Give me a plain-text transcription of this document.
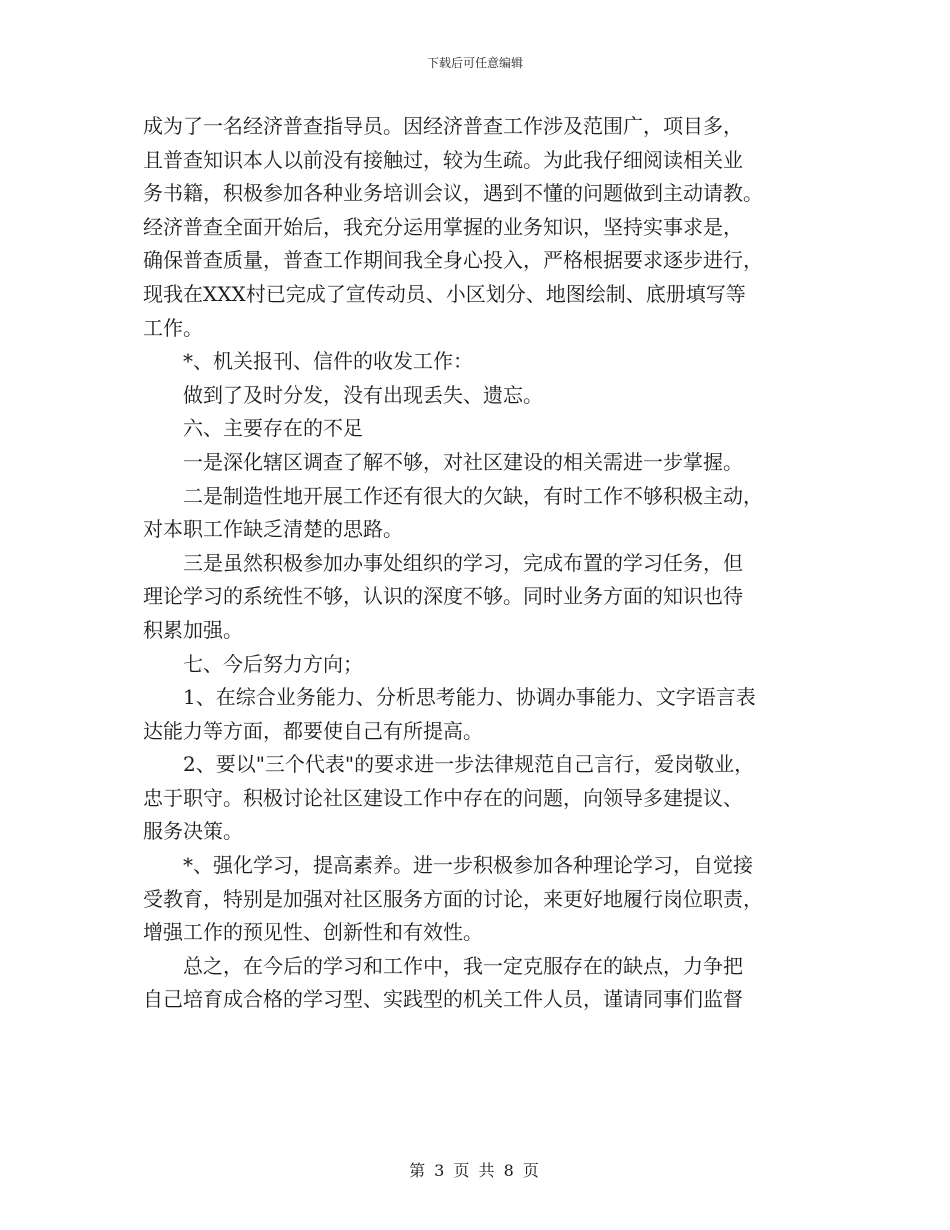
下载后可任意编辑
成为了一名经济普查指导员。因经济普查工作涉及范围广，项目多，
且普查知识本人以前没有接触过，较为生疏。为此我仔细阅读相关业
务书籍，积极参加各种业务培训会议，遇到不懂的问题做到主动请教。
经济普查全面开始后，我充分运用掌握的业务知识，坚持实事求是，
确保普查质量，普查工作期间我全身心投入，严格根据要求逐步进行，
现我在XXX村已完成了宣传动员、小区划分、地图绘制、底册填写等
工作。
*、机关报刊、信件的收发工作：
做到了及时分发，没有出现丢失、遗忘。
六、主要存在的不足
一是深化辖区调查了解不够，对社区建设的相关需进一步掌握。
二是制造性地开展工作还有很大的欠缺，有时工作不够积极主动，
对本职工作缺乏清楚的思路。
三是虽然积极参加办事处组织的学习，完成布置的学习任务，但
理论学习的系统性不够，认识的深度不够。同时业务方面的知识也待
积累加强。
七、今后努力方向；
1、在综合业务能力、分析思考能力、协调办事能力、文字语言表
达能力等方面，都要使自己有所提高。
2、要以"三个代表"的要求进一步法律规范自己言行，爱岗敬业，
忠于职守。积极讨论社区建设工作中存在的问题，向领导多建提议、
服务决策。
*、强化学习，提高素养。进一步积极参加各种理论学习，自觉接
受教育，特别是加强对社区服务方面的讨论，来更好地履行岗位职责，
增强工作的预见性、创新性和有效性。
总之，在今后的学习和工作中，我一定克服存在的缺点，力争把
自己培育成合格的学习型、实践型的机关工件人员，谨请同事们监督
第 3 页 共 8 页
